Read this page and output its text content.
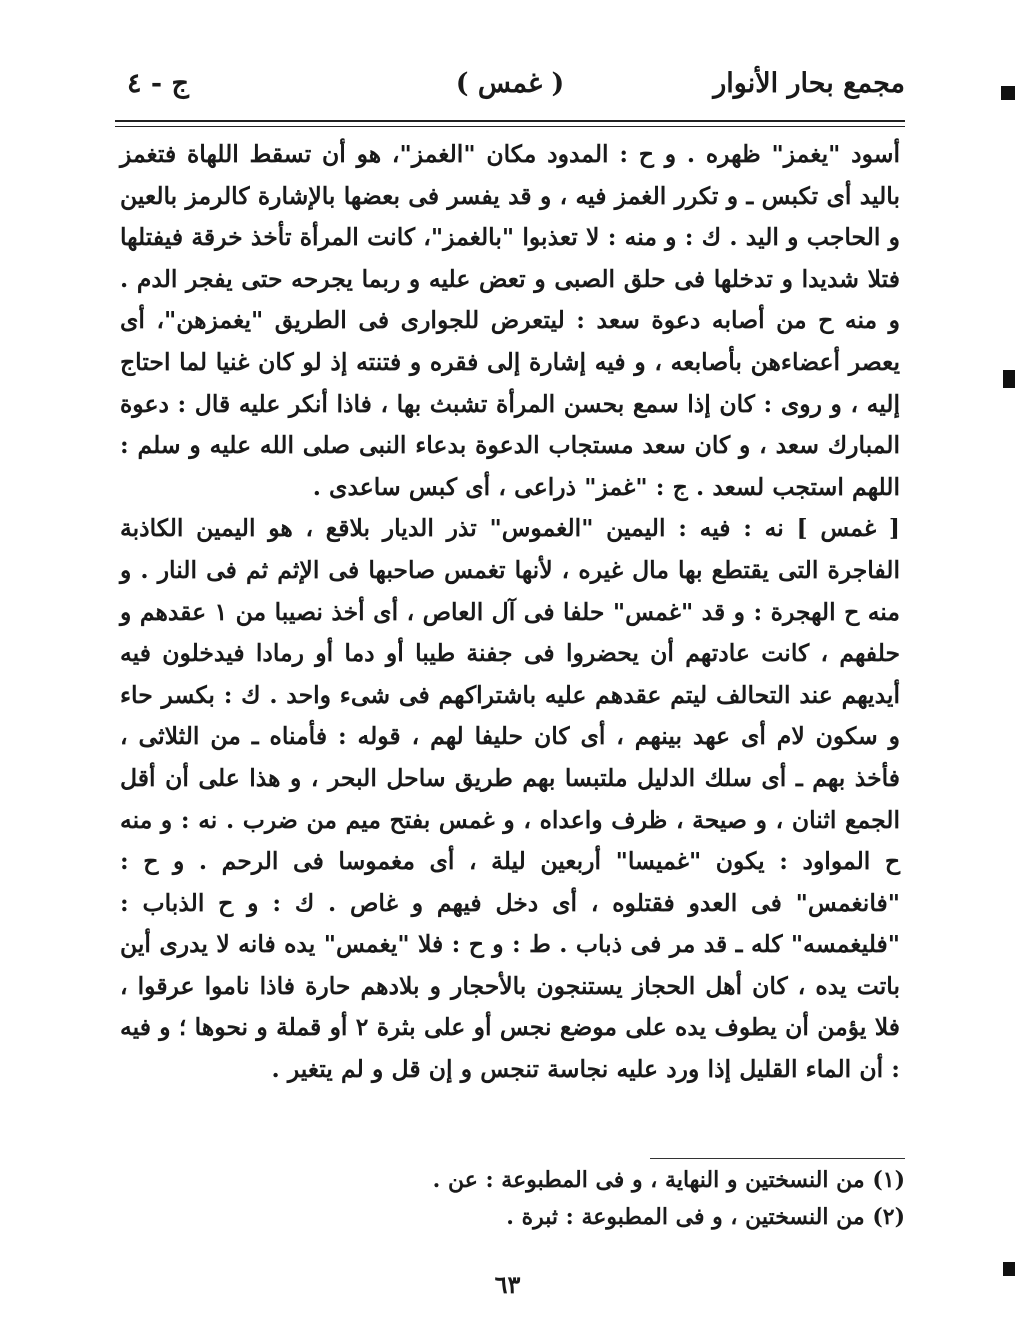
مجمع بحار الأنوار
( غمس )
ج - ٤

أسود "يغمز" ظهره . و ح : المدود مكان "الغمز"، هو أن تسقط اللهاة فتغمز باليد أى تكبس ـ و تكرر الغمز فيه ، و قد يفسر فى بعضها بالإشارة كالرمز بالعين و الحاجب و اليد . ك : و منه : لا تعذبوا "بالغمز"، كانت المرأة تأخذ خرقة فيفتلها فتلا شديدا و تدخلها فى حلق الصبى و تعض عليه و ربما يجرحه حتى يفجر الدم . و منه ح من أصابه دعوة سعد : ليتعرض للجوارى فى الطريق "يغمزهن"، أى يعصر أعضاءهن بأصابعه ، و فيه إشارة إلى فقره و فتنته إذ لو كان غنيا لما احتاج إليه ، و روى : كان إذا سمع بحسن المرأة تشبث بها ، فاذا أنكر عليه قال : دعوة المبارك سعد ، و كان سعد مستجاب الدعوة بدعاء النبى صلى الله عليه و سلم : اللهم استجب لسعد . ج : "غمز" ذراعى ، أى كبس ساعدى .

[ غمس ] نه : فيه : اليمين "الغموس" تذر الديار بلاقع ، هو اليمين الكاذبة الفاجرة التى يقتطع بها مال غيره ، لأنها تغمس صاحبها فى الإثم ثم فى النار . و منه ح الهجرة : و قد "غمس" حلفا فى آل العاص ، أى أخذ نصيبا من ١ عقدهم و حلفهم ، كانت عادتهم أن يحضروا فى جفنة طيبا أو دما أو رمادا فيدخلون فيه أيديهم عند التحالف ليتم عقدهم عليه باشتراكهم فى شىء واحد . ك : بكسر حاء و سكون لام أى عهد بينهم ، أى كان حليفا لهم ، قوله : فأمناه ـ من الثلاثى ، فأخذ بهم ـ أى سلك الدليل ملتبسا بهم طريق ساحل البحر ، و هذا على أن أقل الجمع اثنان ، و صيحة ، ظرف واعداه ، و غمس بفتح ميم من ضرب . نه : و منه ح المواود : يكون "غميسا" أربعين ليلة ، أى مغموسا فى الرحم . و ح : "فانغمس" فى العدو فقتلوه ، أى دخل فيهم و غاص . ك : و ح الذباب : "فليغمسه" كله ـ قد مر فى ذباب . ط : و ح : فلا "يغمس" يده فانه لا يدرى أين باتت يده ، كان أهل الحجاز يستنجون بالأحجار و بلادهم حارة فاذا ناموا عرقوا ، فلا يؤمن أن يطوف يده على موضع نجس أو على بثرة ٢ أو قملة و نحوها ؛ و فيه : أن الماء القليل إذا ورد عليه نجاسة تنجس و إن قل و لم يتغير .

(١) من النسختين و النهاية ، و فى المطبوعة : عن .

(٢) من النسختين ، و فى المطبوعة : ثبرة .

٦٣
